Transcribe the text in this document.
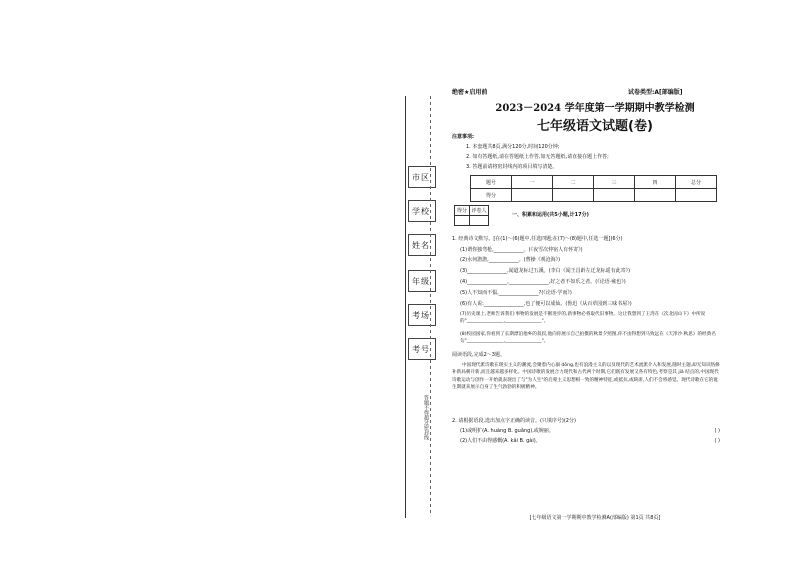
市区
学校
姓名
年级
考场
考号
答题不得超过密封线
绝密★启用前	试卷类型:A[部编版]
2023－2024 学年度第一学期期中教学检测
七年级语文试题(卷)
注意事项:
1. 本套题共8页,满分120分,时间120分钟;
2. 如有答题纸,请在答题纸上作答,如无答题纸,请直接在题上作答;
3. 答题前请将密封线内的项目填写清楚。
题号	一	二	三	四	总分
得分					
得分	评卷人

一、积累和运用(共5小题,计17分)
1. 经典诗文默写。[在(1)～(6)题中,任选四题;在(7)～(8)题中,任选一题](6分)
(1)谓你独弯枪,____________。(《夜雪次仲宿人有怀寄》)
(2)水何澹澹,____________。(曹操《观沧海》)
(3)________________,闻道龙标过五溪。(李白《闻王昌龄左迁龙标遥有此寄》)
(4)________________,________________,好之者不如乐之者。(《论语·雍也》)
(5)人不知而不愠,________________?(《论语·学而》)
(6)有人说:________________,也了便可以成仙。(鲁迅《从百草园到三味书屋》)
(7)历史课上,老师告诉我们:事物的发展是不断进步的,新事物必将取代旧事物。这让我想到了王湾在《次北固山下》中所说的"________________,________________"。
(8)校园国家,你看到了长期漂泊他乡的叔叔,他向你展示自己拍摄的秋景夕照图,你不由得想到马致远在《天净沙·秋思》的经典名句"________________,________________"。
阅读语段,完成2～3题。
中国现代派诗歌在现实主义的潮流,会聚着内心溺 dōng,也有浪漫主义的以及现代的艺术流派介入和发展,随时主题,却无知识络修补新局刺开新,而且越来越多样化。中国诗歌的发展合力现代和古代两个时期,它们既有发展又各有特色,考察是其 jiǎ 结点的,中国现代诗歌运动与创作一开始就表现出了与"为人生"的启蒙主义思想相一致的精神特征,或抵抗,或缺席,人们不会将感觉。现代诗歌在它的诞生期就来展示自身了生气勃勃的积极精神。
2. 请根据语段,选出加点字正确的读音。(只填序号)(2分)
(1)或明犷(A. huàng B. guǎng),或婉丽。	( )
(2)人们不由得感慨(A. kǎi B. gài)。	( )
[七年级语文第一学期期中教学检测A(部编版) 第1页 共8页]
